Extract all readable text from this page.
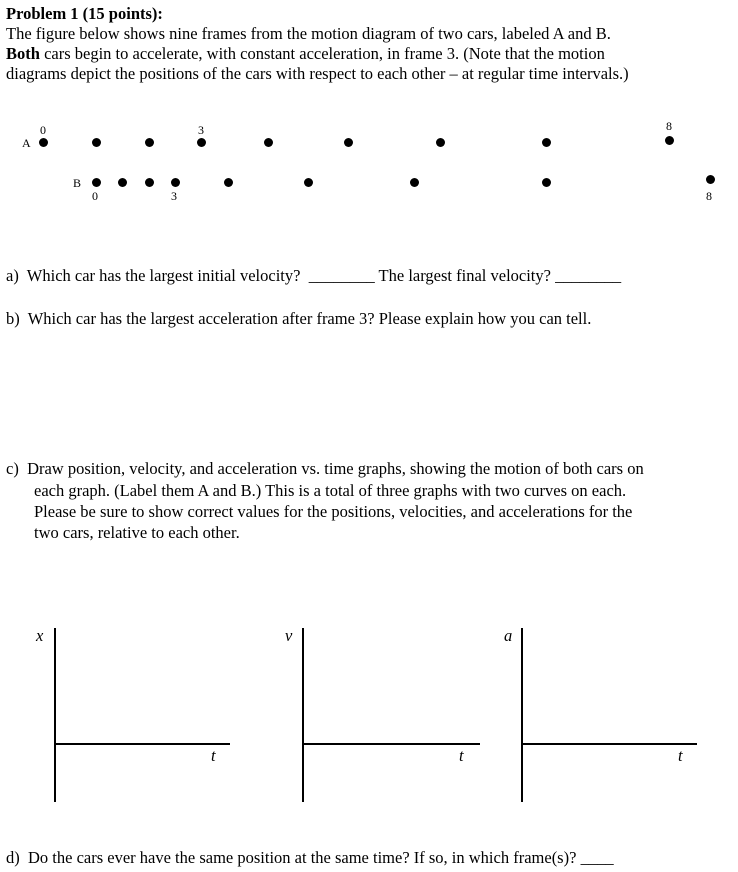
Problem 1 (15 points):
The figure below shows nine frames from the motion diagram of two cars, labeled A and B.
Both cars begin to accelerate, with constant acceleration, in frame 3. (Note that the motion
diagrams depict the positions of the cars with respect to each other – at regular time intervals.)
A
0	3	8
B
0	3	8
a) Which car has the largest initial velocity? ________ The largest final velocity? ________
b) Which car has the largest acceleration after frame 3? Please explain how you can tell.
c) Draw position, velocity, and acceleration vs. time graphs, showing the motion of both cars on
each graph. (Label them A and B.) This is a total of three graphs with two curves on each.
Please be sure to show correct values for the positions, velocities, and accelerations for the
two cars, relative to each other.
x
t
v
t
a
t
d) Do the cars ever have the same position at the same time? If so, in which frame(s)? ____
